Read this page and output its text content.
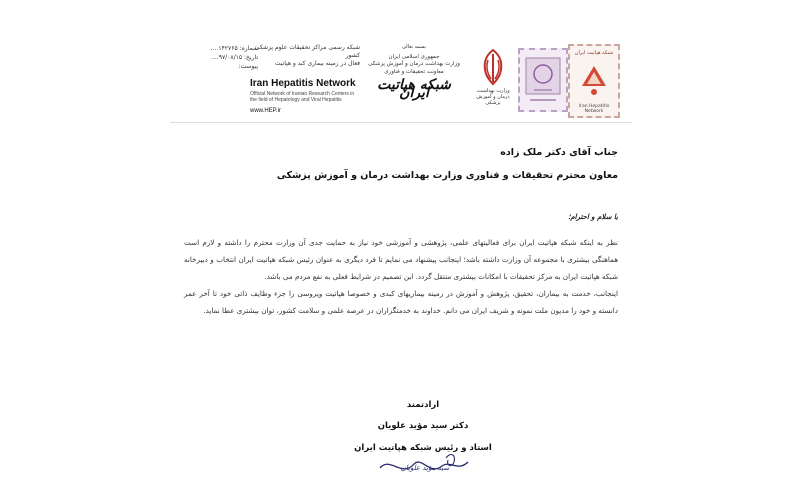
شماره: ۱۴۲۷۶۵....
تاریخ: ۹۷/۰۸/۱۵....
پیوست:
شبکه رسمی مراکز تحقیقات علوم پزشکی کشور
فعال در زمینه بیماری کبد و هپاتیت
Iran Hepatitis Network
Official Network of Iranian Research Centers in the field of Hepatology and Viral Hepatitis
www.HEP.ir
بسمه تعالی
جمهوری اسلامی ایران
وزارت بهداشت درمان و آموزش پزشکی
معاونت تحقیقات و فناوری
شبکه هپاتیت ایران	وزارت بهداشت، درمان و آموزش پزشکی
شبکه هپاتیت ایران
Iran Hepatitis Network
جناب آقای دکتر ملک زاده
معاون محترم تحقیقات و فناوری وزارت بهداشت درمان و آموزش پزشکی
با سلام و احترام؛

نظر به اینکه شبکه هپاتیت ایران برای فعالیتهای علمی، پژوهشی و آموزشی خود نیاز به حمایت جدی آن وزارت محترم را داشته و لازم است هماهنگی بیشتری با مجموعه آن وزارت داشته باشد؛ اینجانب پیشنهاد می نمایم تا فرد دیگری به عنوان رئیس شبکه هپاتیت ایران انتخاب و دبیرخانه شبکه هپاتیت ایران به مرکز تحقیقات با امکانات بیشتری منتقل گردد. این تصمیم در شرایط فعلی به نفع مردم می باشد.

اینجانب، خدمت به بیماران، تحقیق، پژوهش و آموزش در زمینه بیماریهای کبدی و خصوصا هپاتیت ویروسی را جزء وظایف ذاتی خود تا آخر عمر دانسته و خود را مدیون ملت نمونه و شریف ایران می دانم. خداوند به خدمتگزاران در عرصه علمی و سلامت کشور، توان بیشتری عطا نماید.

ارادتمند
دکتر سید مؤید علویان
استاد و رئیس شبکه هپاتیت ایران
سید مؤید علویان
